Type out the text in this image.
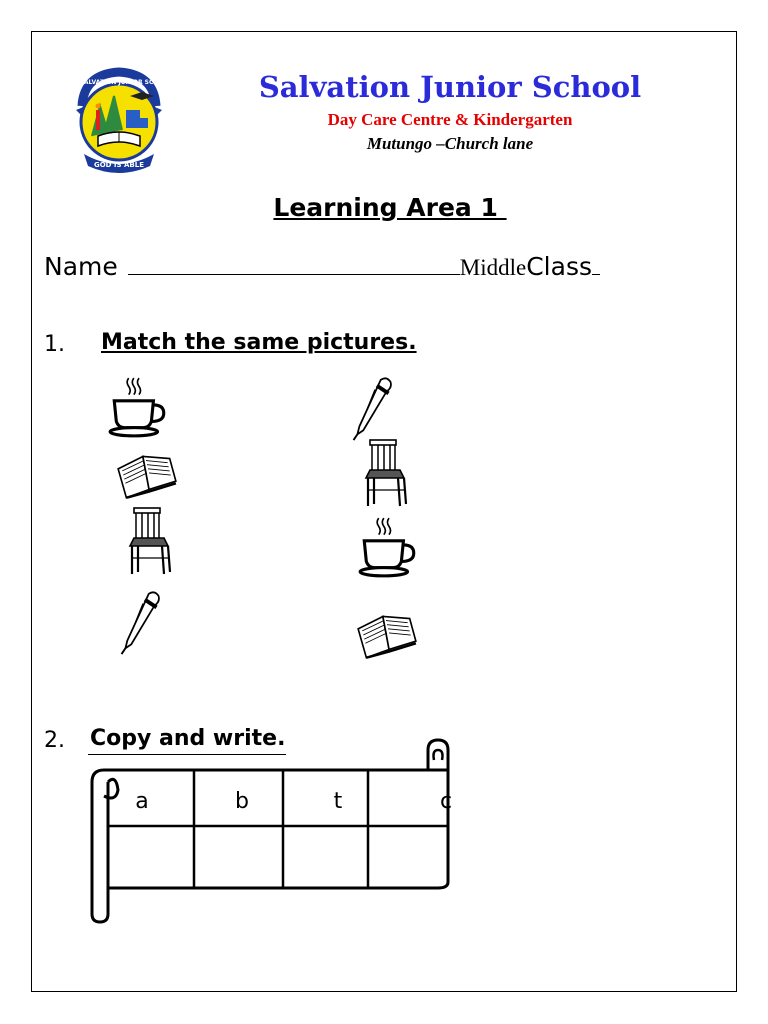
GOD IS ABLE
SALVATION JUNIOR SCH	Salvation Junior School
Day Care Centre & Kindergarten
Mutungo –Church lane
Learning Area 1
Name	Middle Class
1. Match the same pictures.
2. Copy and write.
a	b	t	c
